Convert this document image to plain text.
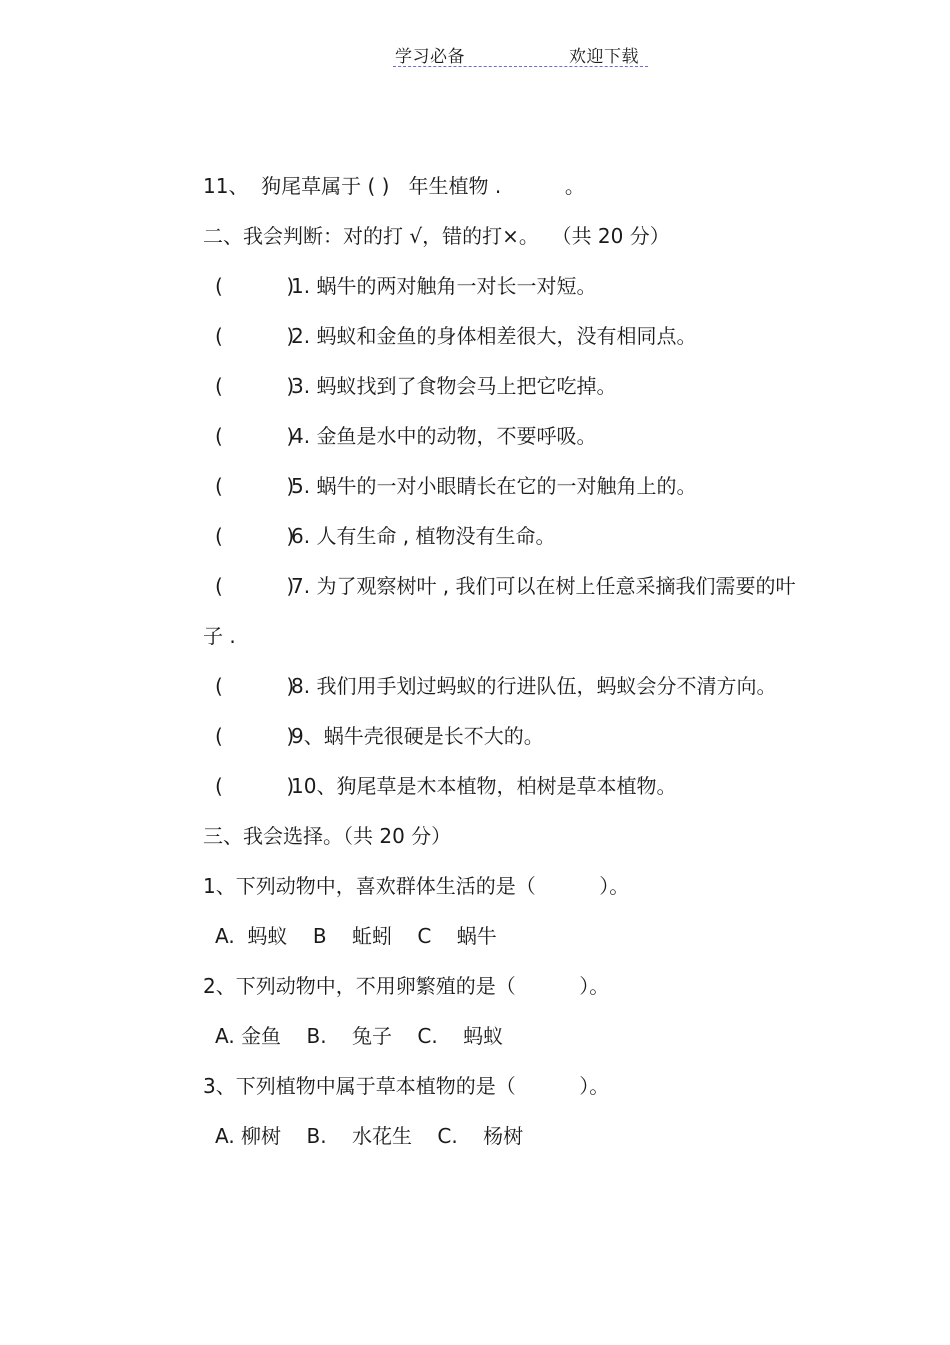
学习必备	欢迎下载
11、  狗尾草属于 ( )   年生植物 .          。
二、我会判断：对的打 √，错的打×。  （共 20 分）
(          )1. 蜗牛的两对触角一对长一对短。
(          )2. 蚂蚁和金鱼的身体相差很大，没有相同点。
(          )3. 蚂蚁找到了食物会马上把它吃掉。
(          )4. 金鱼是水中的动物，不要呼吸。
(          )5. 蜗牛的一对小眼睛长在它的一对触角上的。
(          )6. 人有生命 , 植物没有生命。
(          )7. 为了观察树叶 , 我们可以在树上任意采摘我们需要的叶
子 .
(          )8. 我们用手划过蚂蚁的行进队伍，蚂蚁会分不清方向。
(          )9、蜗牛壳很硬是长不大的。
(          )10、狗尾草是木本植物，柏树是草本植物。
三、我会选择。（共 20 分）
1、下列动物中，喜欢群体生活的是（          ）。
A.  蚂蚁    B    蚯蚓    C    蜗牛
2、下列动物中，不用卵繁殖的是（          ）。
A. 金鱼    B.    兔子    C.    蚂蚁
3、下列植物中属于草本植物的是（          ）。
A. 柳树    B.    水花生    C.    杨树
